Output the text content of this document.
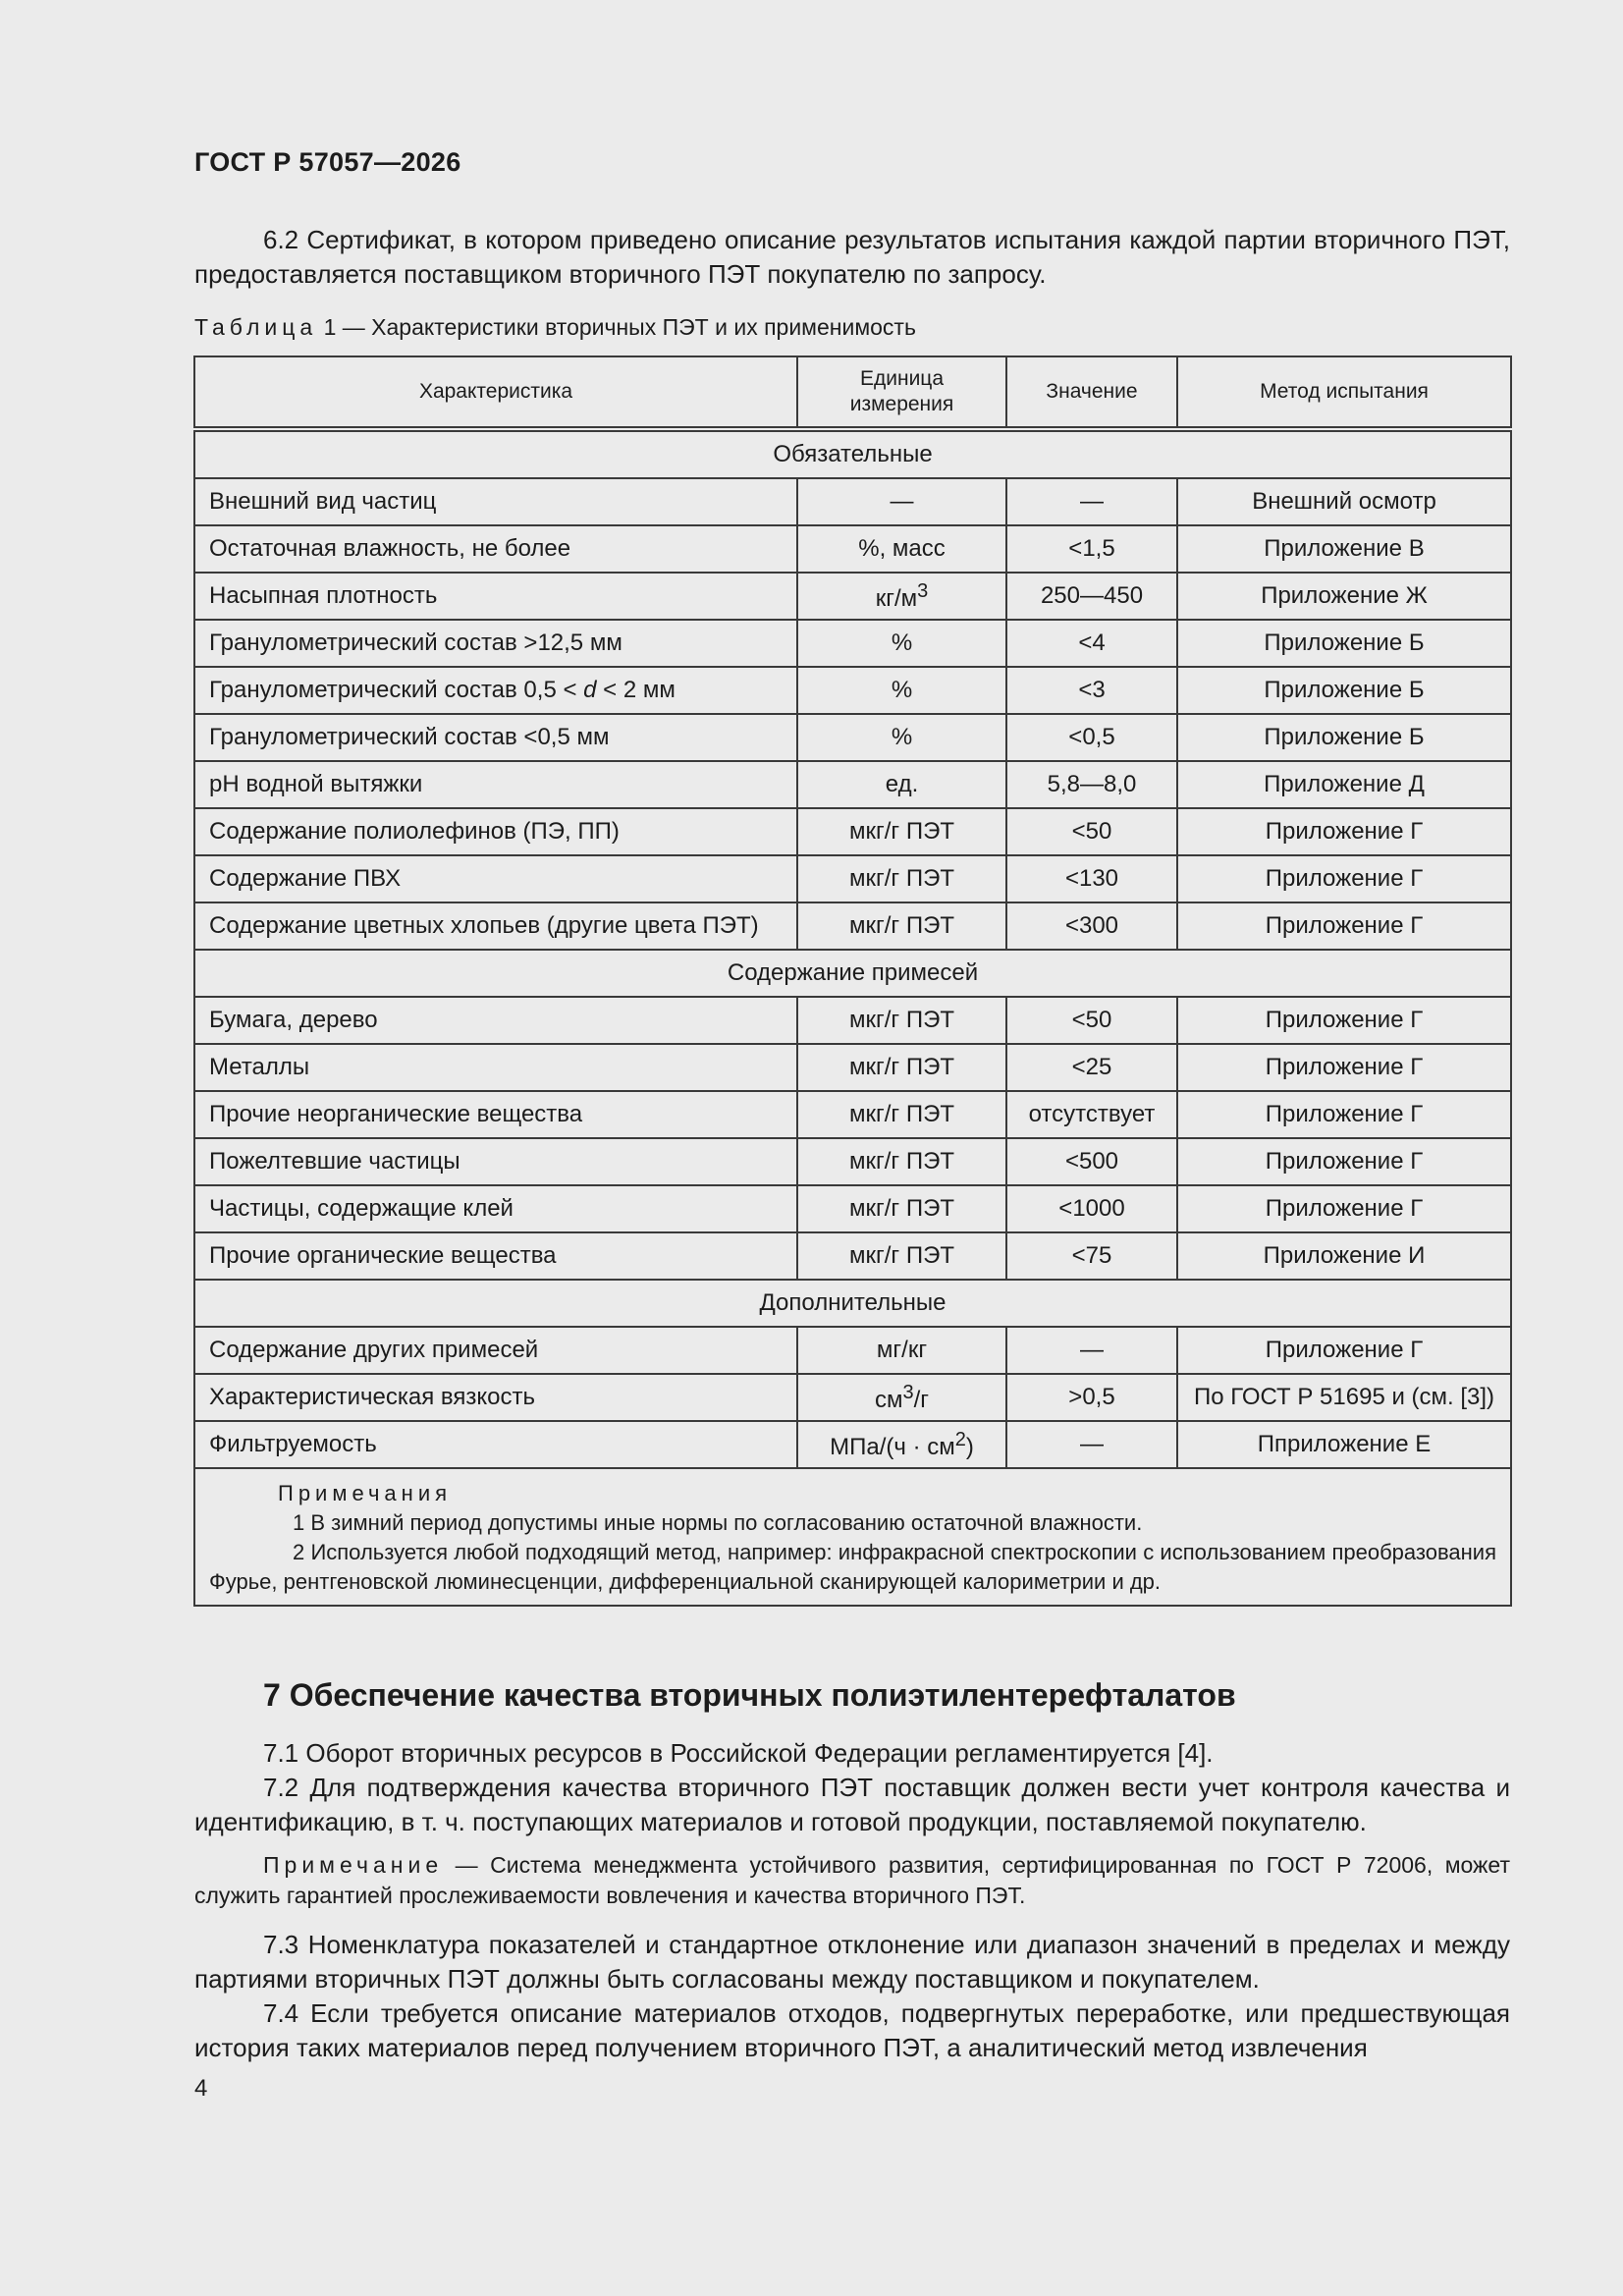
ГОСТ Р 57057—2026

6.2 Сертификат, в котором приведено описание результатов испытания каждой партии вторичного ПЭТ, предоставляется поставщиком вторичного ПЭТ покупателю по запросу.

Таблица 1 — Характеристики вторичных ПЭТ и их применимость
Характеристика	Единица измерения	Значение	Метод испытания
Обязательные			
Внешний вид частиц	—	—	Внешний осмотр
Остаточная влажность, не более	%, масс	<1,5	Приложение В
Насыпная плотность	$кг/м^3$	250—450	Приложение Ж
Гранулометрический состав >12,5 мм	%	<4	Приложение Б
Гранулометрический состав 0,5 < d < 2 мм	%	<3	Приложение Б
Гранулометрический состав <0,5 мм	%	<0,5	Приложение Б
pH водной вытяжки	ед.	5,8—8,0	Приложение Д
Содержание полиолефинов (ПЭ, ПП)	мкг/г ПЭТ	<50	Приложение Г
Содержание ПВХ	мкг/г ПЭТ	<130	Приложение Г
Содержание цветных хлопьев (другие цвета ПЭТ)	мкг/г ПЭТ	<300	Приложение Г
Содержание примесей			
Бумага, дерево	мкг/г ПЭТ	<50	Приложение Г
Металлы	мкг/г ПЭТ	<25	Приложение Г
Прочие неорганические вещества	мкг/г ПЭТ	отсутствует	Приложение Г
Пожелтевшие частицы	мкг/г ПЭТ	<500	Приложение Г
Частицы, содержащие клей	мкг/г ПЭТ	<1000	Приложение Г
Прочие органические вещества	мкг/г ПЭТ	<75	Приложение И
Дополнительные			
Содержание других примесей	мг/кг	—	Приложение Г
Характеристическая вязкость	$см^3/г$	>0,5	По ГОСТ Р 51695 и (см. [3])
Фильтруемость	$МПа/(ч \cdot см^2)$	—	Пприложение Е

Примечания
1 В зимний период допустимы иные нормы по согласованию остаточной влажности.
2 Используется любой подходящий метод, например: инфракрасной спектроскопии с использованием преобразования Фурье, рентгеновской люминесценции, дифференциальной сканирующей калориметрии и др.			
7 Обеспечение качества вторичных полиэтилентерефталатов

7.1 Оборот вторичных ресурсов в Российской Федерации регламентируется [4].

7.2 Для подтверждения качества вторичного ПЭТ поставщик должен вести учет контроля качества и идентификацию, в т. ч. поступающих материалов и готовой продукции, поставляемой покупателю.

Примечание — Система менеджмента устойчивого развития, сертифицированная по ГОСТ Р 72006, может служить гарантией прослеживаемости вовлечения и качества вторичного ПЭТ.

7.3 Номенклатура показателей и стандартное отклонение или диапазон значений в пределах и между партиями вторичных ПЭТ должны быть согласованы между поставщиком и покупателем.

7.4 Если требуется описание материалов отходов, подвергнутых переработке, или предшествующая история таких материалов перед получением вторичного ПЭТ, а аналитический метод извлечения

4
